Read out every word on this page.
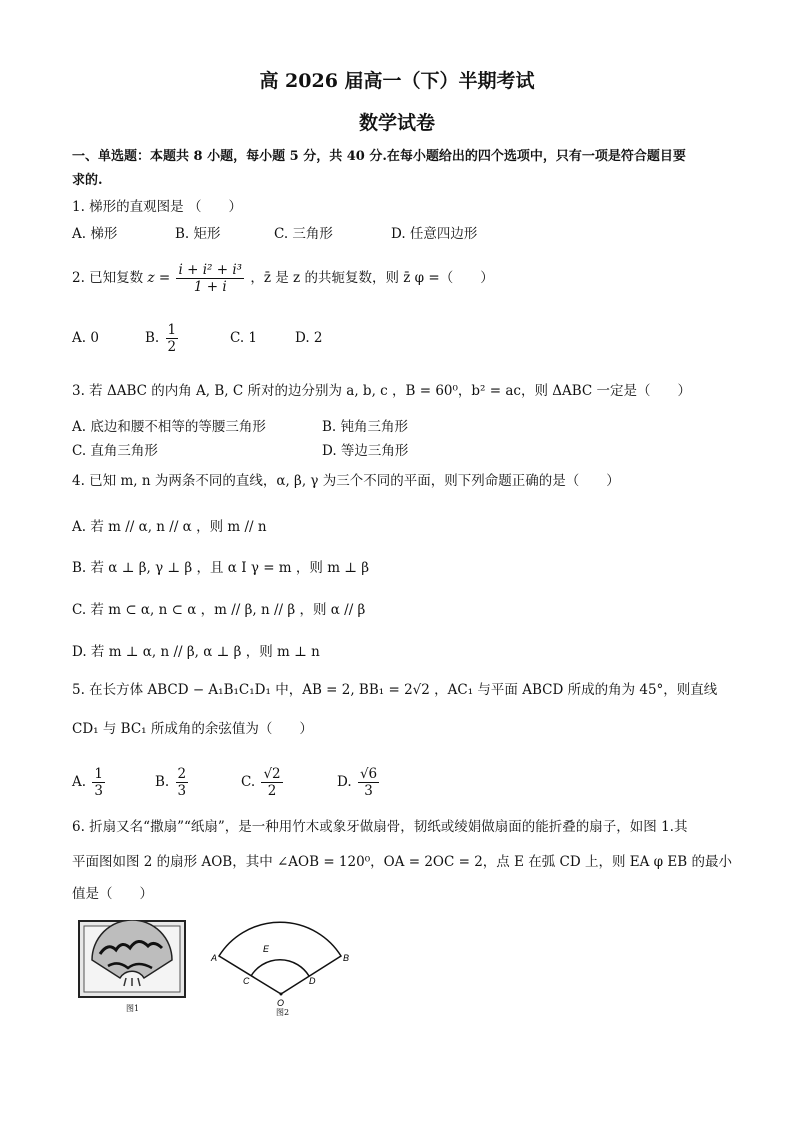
高 2026 届高一（下）半期考试
数学试卷
一、单选题：本题共 8 小题，每小题 5 分，共 40 分.在每小题给出的四个选项中，只有一项是符合题目要
求的.
1. 梯形的直观图是 （　　）
A. 梯形	B. 矩形	C. 三角形	D. 任意四边形
2. 已知复数 $z = \frac{\text{i + i² + i³}}{1 + i}$ ，z̄ 是 z 的共轭复数，则 z̄ φ =（　　）
A. 0	B. $\frac{1}{2}$	C. 1	D. 2
3. 若 ΔABC 的内角 A, B, C 所对的边分别为 a, b, c ，B = 60⁰，b² = ac，则 ΔABC 一定是（　　）
A. 底边和腰不相等的等腰三角形	B. 钝角三角形
C. 直角三角形	D. 等边三角形
4. 已知 m, n 为两条不同的直线，α, β, γ 为三个不同的平面，则下列命题正确的是（　　）
A. 若 m // α, n // α ，则 m // n
B. 若 α ⊥ β, γ ⊥ β ，且 α I γ = m ，则 m ⊥ β
C. 若 m ⊂ α, n ⊂ α ，m // β, n // β ，则 α // β
D. 若 m ⊥ α, n // β, α ⊥ β ，则 m ⊥ n
5. 在长方体 ABCD − A₁B₁C₁D₁ 中，AB = 2, BB₁ = 2√2 ，AC₁ 与平面 ABCD 所成的角为 45°，则直线
CD₁ 与 BC₁ 所成角的余弦值为（　　）
A. $\frac{1}{3}$	B. $\frac{2}{3}$	C. $\frac{√2}{2}$	D. $\frac{√6}{3}$
6. 折扇又名“撒扇”“纸扇”，是一种用竹木或象牙做扇骨，韧纸或绫娟做扇面的能折叠的扇子，如图 1.其
平面图如图 2 的扇形 AOB，其中 ∠AOB = 120⁰，OA = 2OC = 2，点 E 在弧 CD 上，则 EA φ EB 的最小
值是（　　）
图1
A	B
C	D
E
O
图2
